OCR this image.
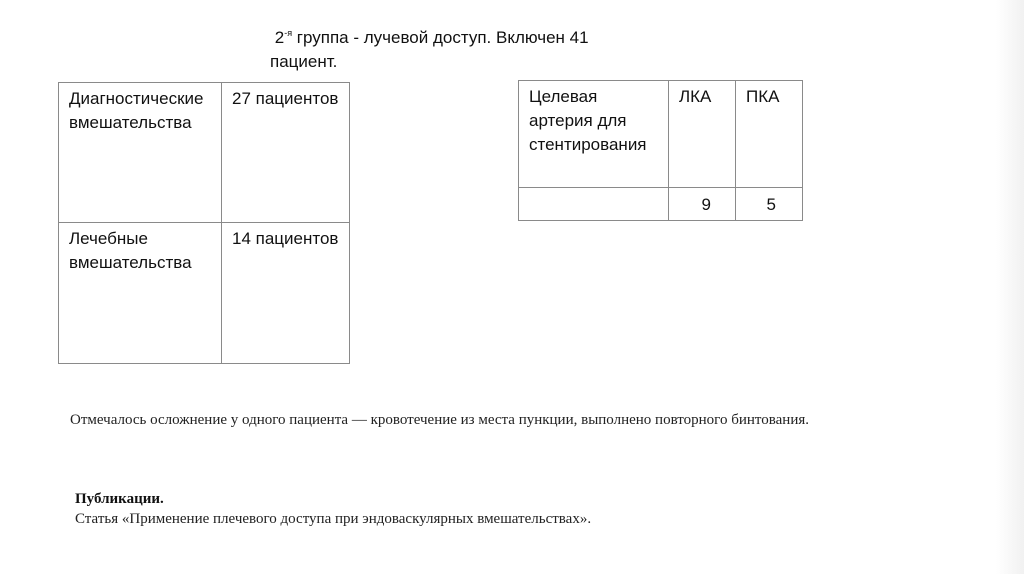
$2^{-я}$ группа - лучевой доступ. Включен 41
пациент.
Диагностические вмешательства	27 пациентов
Лечебные вмешательства	14 пациентов
Целевая артерия для стентирования	ЛКА	ПКА
	9	5
Отмечалось осложнение у одного пациента — кровотечение из места пункции, выполнено повторного бинтования.
Публикации.
Статья «Применение плечевого доступа при эндоваскулярных вмешательствах».
